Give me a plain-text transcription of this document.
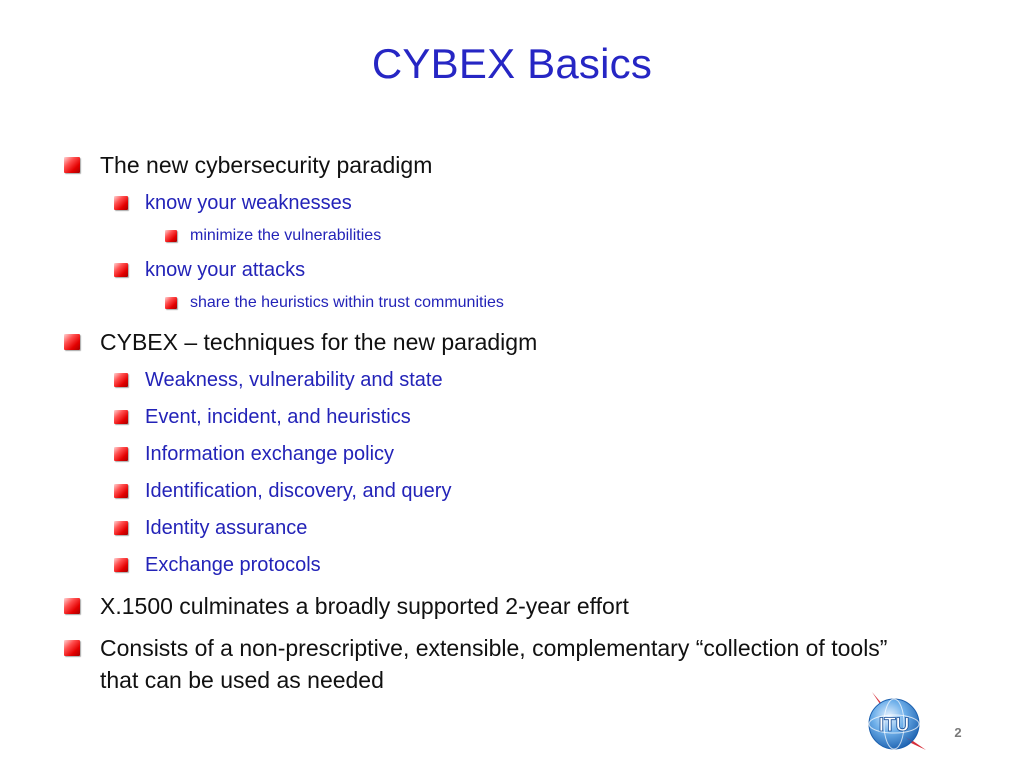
CYBEX Basics
The new cybersecurity paradigm
know your weaknesses
minimize the vulnerabilities
know your attacks
share the heuristics within trust communities
CYBEX – techniques for the new paradigm
Weakness, vulnerability and state
Event, incident, and heuristics
Information exchange policy
Identification, discovery, and query
Identity assurance
Exchange protocols
X.1500 culminates a broadly supported 2-year effort
Consists of a non-prescriptive, extensible, complementary “collection of tools”
that can be used as needed
ITU	2
